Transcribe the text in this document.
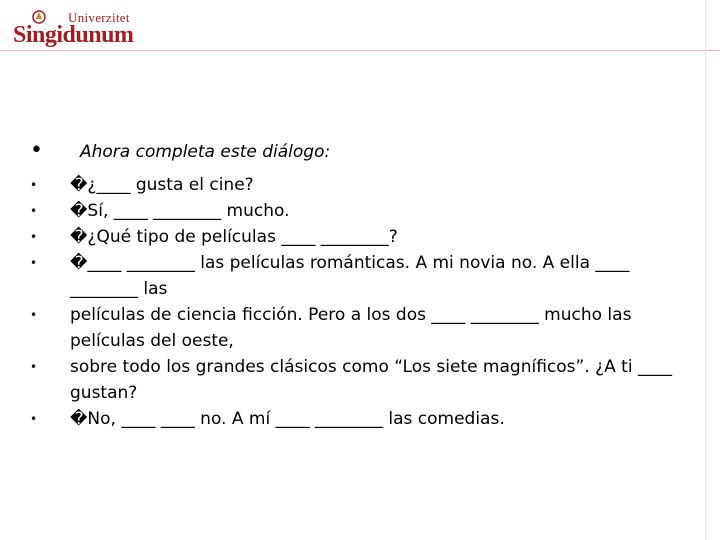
Univerzitet
Singidunum
• Ahora completa este diálogo:
• �¿____ gusta el cine?
• �Sí, ____ ________ mucho.
• �¿Qué tipo de películas ____ ________?
• �____ ________ las películas románticas. A mi novia no. A ella ____ ________ las
• películas de ciencia ficción. Pero a los dos ____ ________ mucho las películas del oeste,
• sobre todo los grandes clásicos como “Los siete magníficos”. ¿A ti ____ gustan?
• �No, ____ ____ no. A mí ____ ________ las comedias.
